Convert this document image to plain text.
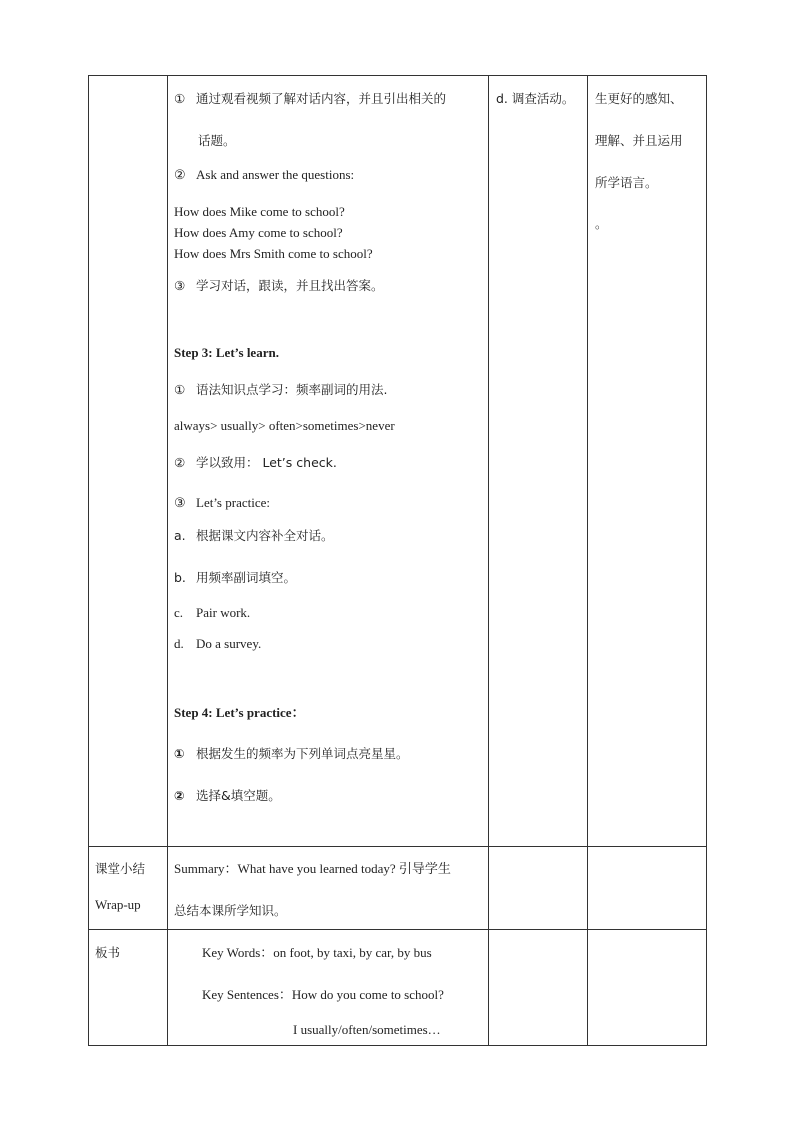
① 通过观看视频了解对话内容，并且引出相关的
话题。
② Ask and answer the questions:
How does Mike come to school?
How does Amy come to school?
How does Mrs Smith come to school?
③ 学习对话，跟读，并且找出答案。
Step 3: Let’s learn.
① 语法知识点学习：频率副词的用法.
always> usually> often>sometimes>never
② 学以致用： Let’s check.
③ Let’s practice:
a. 根据课文内容补全对话。
b. 用频率副词填空。
c. Pair work.
d. Do a survey.
Step 4: Let’s practice：
① 根据发生的频率为下列单词点亮星星。
② 选择&填空题。
d. 调查活动。 生更好的感知、
理解、并且运用
所学语言。
。
课堂小结
Wrap-up
Summary：What have you learned today? 引导学生
总结本课所学知识。
板书	Key Words：on foot, by taxi, by car, by bus
Key Sentences：How do you come to school?
I usually/often/sometimes…
